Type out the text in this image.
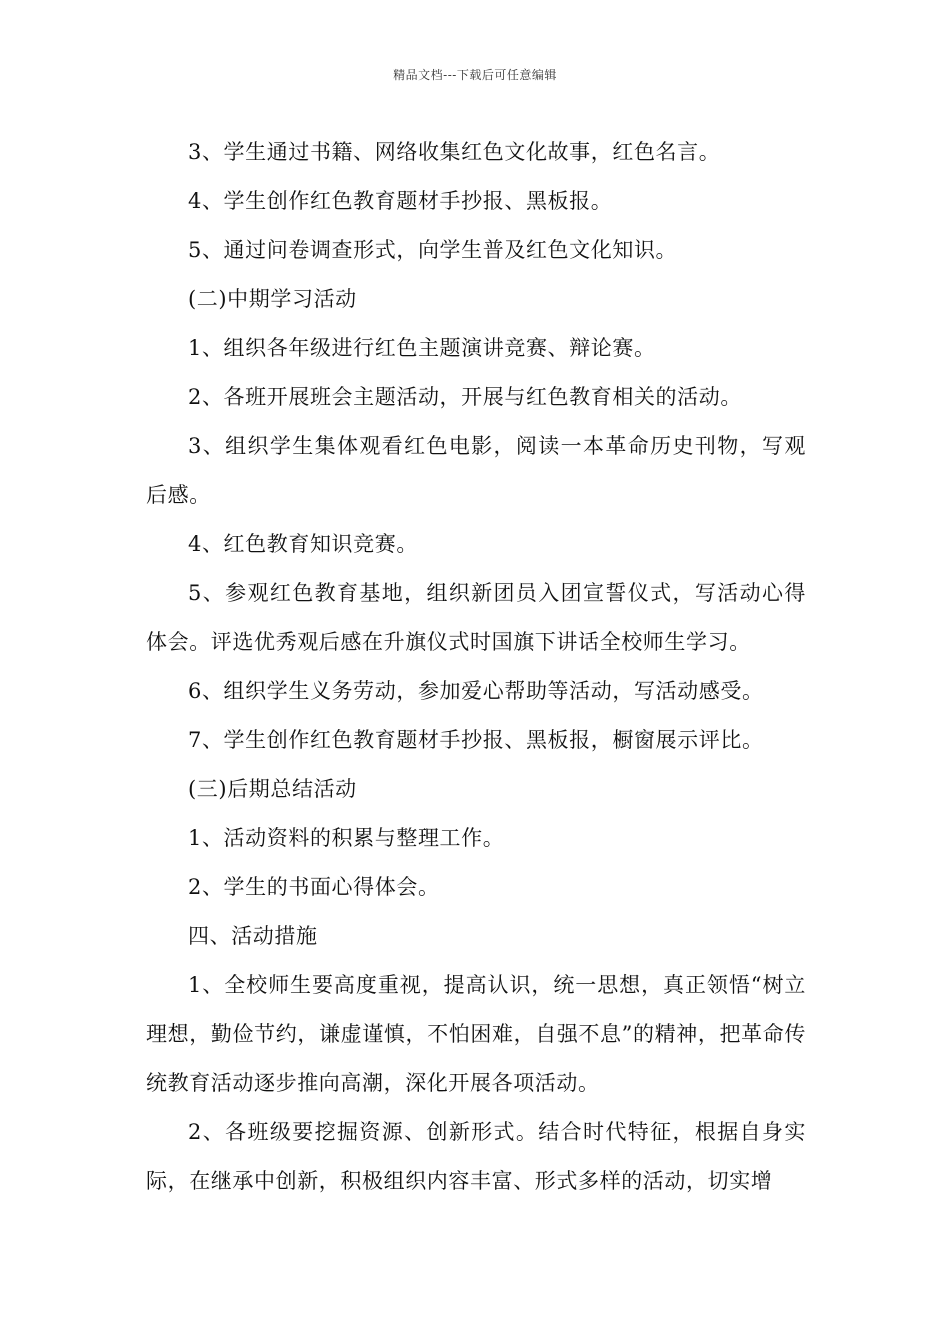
精品文档---下载后可任意编辑

3、学生通过书籍、网络收集红色文化故事，红色名言。

4、学生创作红色教育题材手抄报、黑板报。

5、通过问卷调查形式，向学生普及红色文化知识。

(二)中期学习活动

1、组织各年级进行红色主题演讲竞赛、辩论赛。

2、各班开展班会主题活动，开展与红色教育相关的活动。

3、组织学生集体观看红色电影，阅读一本革命历史刊物，写观后感。

4、红色教育知识竞赛。

5、参观红色教育基地，组织新团员入团宣誓仪式，写活动心得体会。评选优秀观后感在升旗仪式时国旗下讲话全校师生学习。

6、组织学生义务劳动，参加爱心帮助等活动，写活动感受。

7、学生创作红色教育题材手抄报、黑板报，橱窗展示评比。

(三)后期总结活动

1、活动资料的积累与整理工作。

2、学生的书面心得体会。

四、活动措施

1、全校师生要高度重视，提高认识，统一思想，真正领悟“树立理想，勤俭节约，谦虚谨慎，不怕困难，自强不息”的精神，把革命传统教育活动逐步推向高潮，深化开展各项活动。

2、各班级要挖掘资源、创新形式。结合时代特征，根据自身实际，在继承中创新，积极组织内容丰富、形式多样的活动，切实增
